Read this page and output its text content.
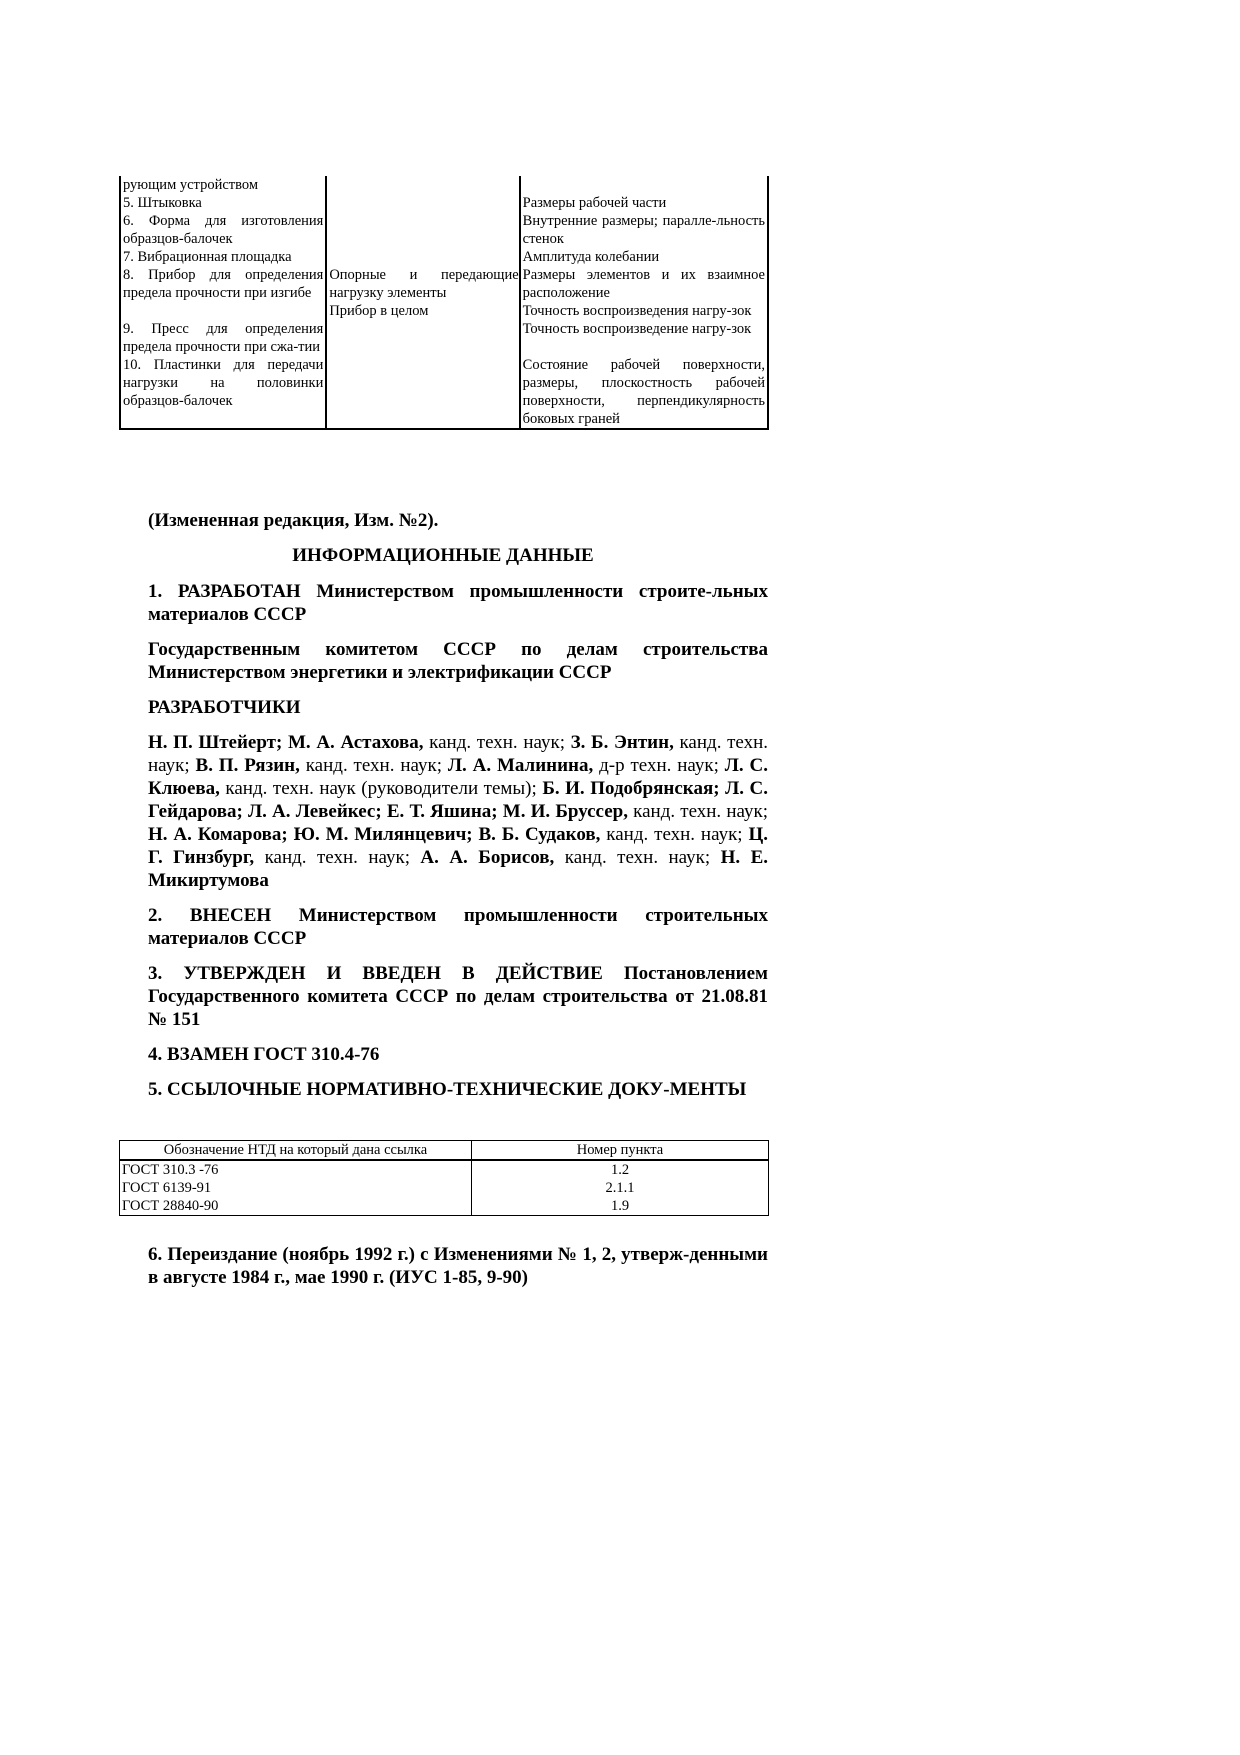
рующим устройством		
5. Штыковка		Размеры рабочей части
6. Форма для изготовления образцов-балочек		Внутренние размеры; паралле-льность стенок
7. Вибрационная площадка		Амплитуда колебании
8. Прибор для определения предела прочности при изгибе	Опорные и передающие нагрузку элементы	Размеры элементов и их взаимное расположение
	Прибор в целом	Точность воспроизведения нагру-зок
9. Пресс для определения предела прочности при сжа-тии		Точность воспроизведение нагру-зок
10. Пластинки для передачи нагрузки на половинки образцов-балочек		Состояние рабочей поверхности, размеры, плоскостность рабочей поверхности, перпендикулярность боковых граней
(Измененная редакция, Изм. №2).
ИНФОРМАЦИОННЫЕ ДАННЫЕ

1. РАЗРАБОТАН Министерством промышленности строите-льных материалов СССР

Государственным комитетом СССР по делам строительства Министерством энергетики и электрификации СССР

РАЗРАБОТЧИКИ

Н. П. Штейерт; М. А. Астахова, канд. техн. наук; З. Б. Энтин, канд. техн. наук; В. П. Рязин, канд. техн. наук; Л. А. Малинина, д-р техн. наук; Л. С. Клюева, канд. техн. наук (руководители темы); Б. И. Подобрянская; Л. С. Гейдарова; Л. А. Левейкес; Е. Т. Яшина; М. И. Бруссер, канд. техн. наук; Н. А. Комарова; Ю. М. Милянцевич; В. Б. Судаков, канд. техн. наук; Ц. Г. Гинзбург, канд. техн. наук; А. А. Борисов, канд. техн. наук; Н. Е. Микиртумова

2. ВНЕСЕН Министерством промышленности строительных материалов СССР

3. УТВЕРЖДЕН И ВВЕДЕН В ДЕЙСТВИЕ Постановлением Государственного комитета СССР по делам строительства от 21.08.81 № 151

4. ВЗАМЕН ГОСТ 310.4-76

5. ССЫЛОЧНЫЕ НОРМАТИВНО-ТЕХНИЧЕСКИЕ ДОКУ-МЕНТЫ

Обозначение НТД на который дана ссылка	Номер пункта
ГОСТ 310.3 -76	1.2
ГОСТ 6139-91	2.1.1
ГОСТ 28840-90	1.9
6. Переиздание (ноябрь 1992 г.) с Изменениями № 1, 2, утверж-денными в августе 1984 г., мае 1990 г. (ИУС 1-85, 9-90)
